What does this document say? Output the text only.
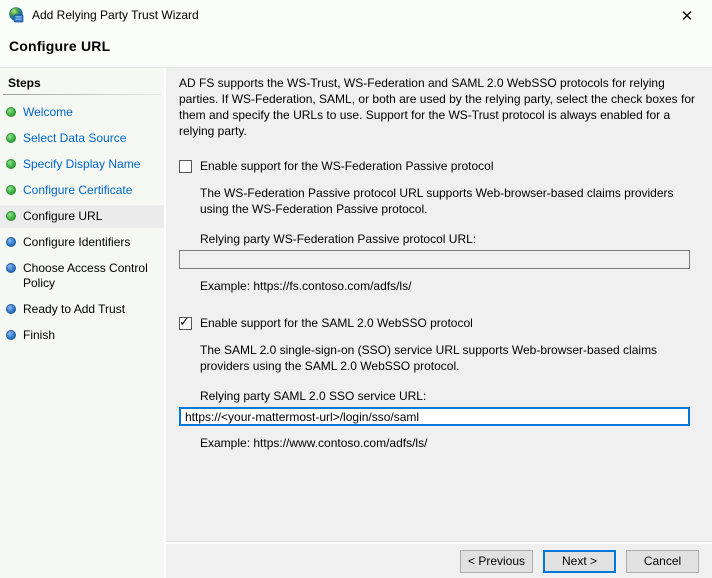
Add Relying Party Trust Wizard	✕
Configure URL
Steps
Welcome
Select Data Source
Specify Display Name
Configure Certificate
Configure URL
Configure Identifiers
Choose Access Control Policy
Ready to Add Trust
Finish
AD FS supports the WS-Trust, WS-Federation and SAML 2.0 WebSSO protocols for relying parties. If WS-Federation, SAML, or both are used by the relying party, select the check boxes for them and specify the URLs to use. Support for the WS-Trust protocol is always enabled for a relying party.
Enable support for the WS-Federation Passive protocol
The WS-Federation Passive protocol URL supports Web-browser-based claims providers using the WS-Federation Passive protocol.
Relying party WS-Federation Passive protocol URL:
Example: https://fs.contoso.com/adfs/ls/
✓ Enable support for the SAML 2.0 WebSSO protocol
The SAML 2.0 single-sign-on (SSO) service URL supports Web-browser-based claims providers using the SAML 2.0 WebSSO protocol.
Relying party SAML 2.0 SSO service URL:
https://<your-mattermost-url>/login/sso/saml
Example: https://www.contoso.com/adfs/ls/
< Previous	Next >	Cancel
